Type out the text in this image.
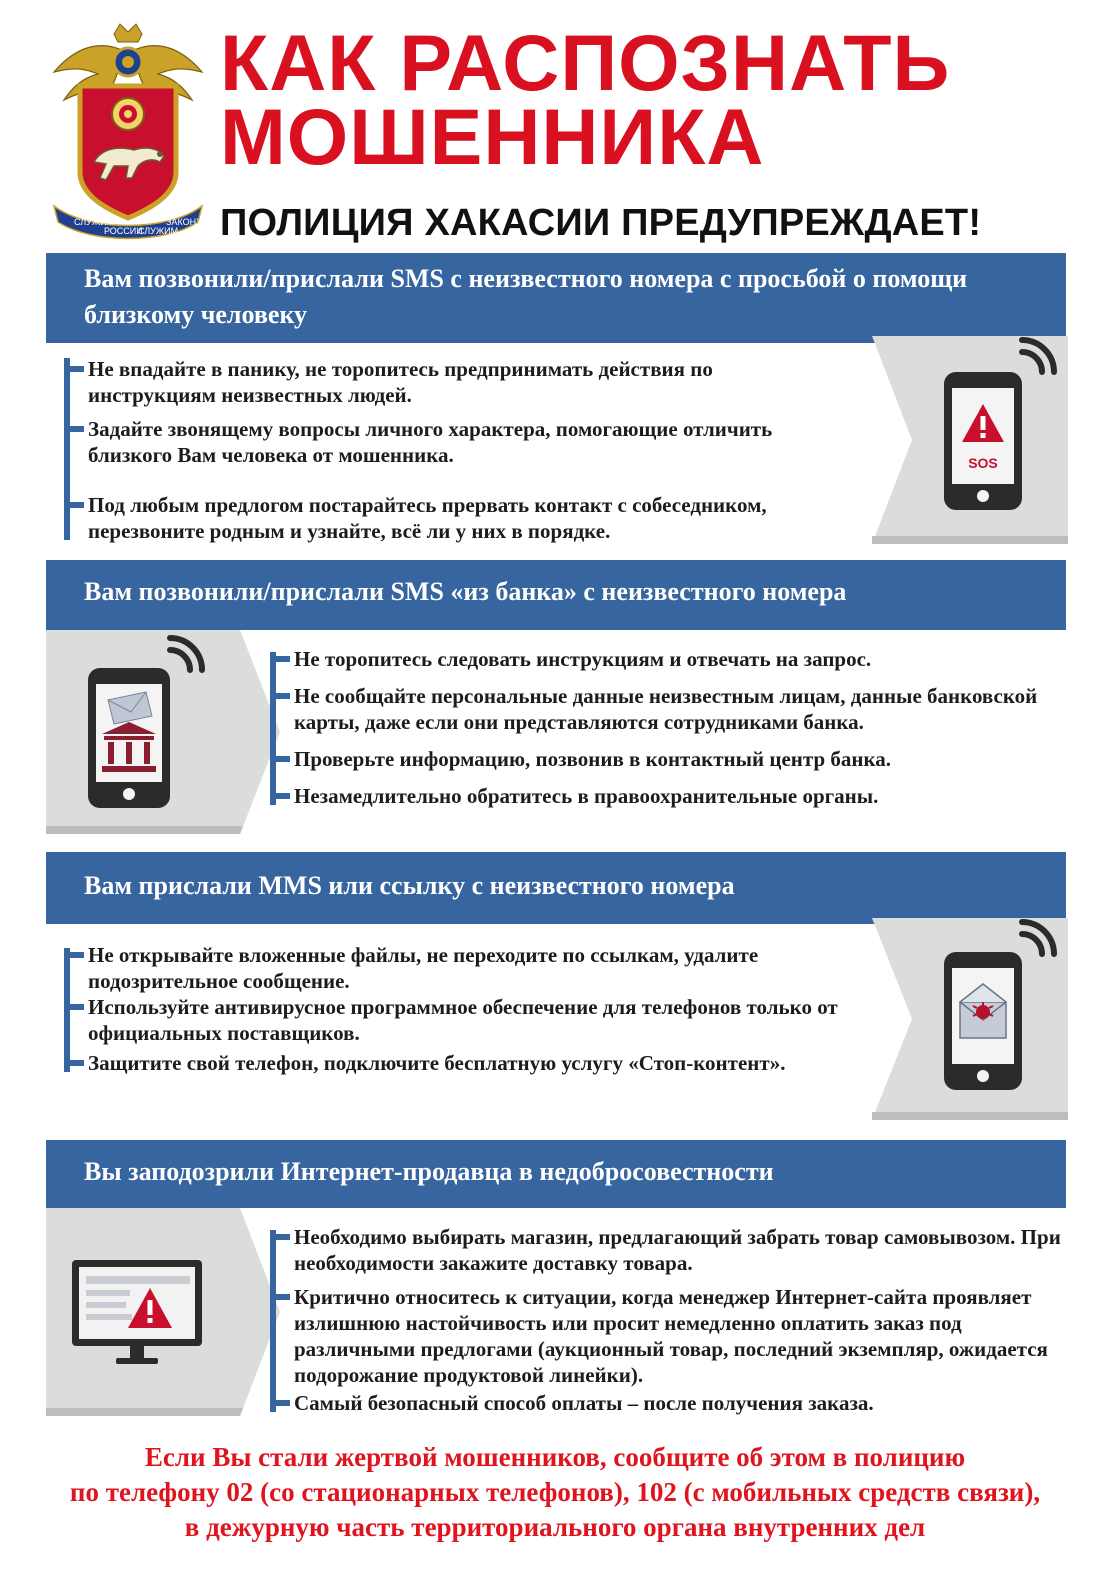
СЛУЖИМ
РОССИИ
СЛУЖИМ
ЗАКОНУ
КАК РАСПОЗНАТЬ
МОШЕННИКА
ПОЛИЦИЯ ХАКАСИИ ПРЕДУПРЕЖДАЕТ!
Вам позвонили/прислали SMS с неизвестного номера с просьбой о помощи близкому человеку
SOS
Не впадайте в панику, не торопитесь предпринимать действия по инструкциям неизвестных людей.
Задайте звонящему вопросы личного характера, помогающие отличить близкого Вам человека от мошенника.
Под любым предлогом постарайтесь прервать контакт с собеседником, перезвоните родным и узнайте, всё ли у них в порядке.
Вам позвонили/прислали SMS «из банка» с неизвестного номера
Не торопитесь следовать инструкциям и отвечать на запрос.
Не сообщайте персональные данные неизвестным лицам, данные банковской карты, даже если они представляются сотрудниками банка.
Проверьте информацию, позвонив в контактный центр банка.
Незамедлительно обратитесь в правоохранительные органы.
Вам прислали MMS или ссылку с неизвестного номера
Не открывайте вложенные файлы, не переходите по ссылкам, удалите подозрительное сообщение.
Используйте антивирусное программное обеспечение для телефонов только от официальных поставщиков.
Защитите свой телефон, подключите бесплатную услугу «Стоп-контент».
Вы заподозрили Интернет-продавца в недобросовестности
Необходимо выбирать магазин, предлагающий забрать товар самовывозом. При необходимости закажите доставку товара.
Критично относитесь к ситуации, когда менеджер Интернет-сайта проявляет излишнюю настойчивость или просит немедленно оплатить заказ под различными предлогами (аукционный товар, последний экземпляр, ожидается подорожание продуктовой линейки).
Самый безопасный способ оплаты – после получения заказа.
Если Вы стали жертвой мошенников, сообщите об этом в полицию
по телефону 02 (со стационарных телефонов), 102 (с мобильных средств связи),
в дежурную часть территориального органа внутренних дел
